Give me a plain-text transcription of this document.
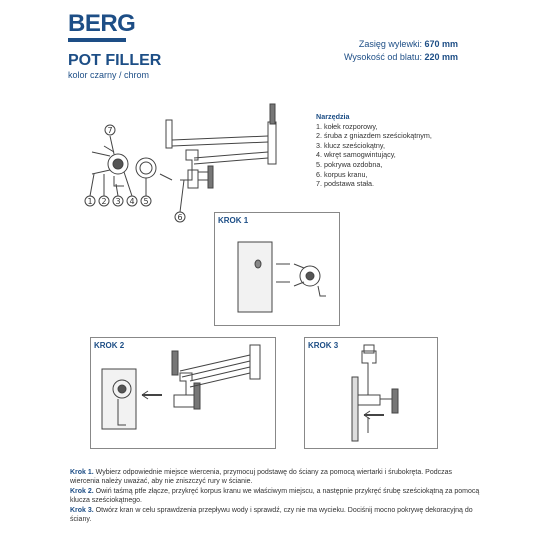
BERG
POT FILLER
kolor czarny / chrom
Zasięg wylewki: 670 mm
Wysokość od blatu: 220 mm
1 2 3 4 5
6
7
Narzędzia
1. kołek rozporowy,
2. śruba z gniazdem sześciokątnym,
3. klucz sześciokątny,
4. wkręt samogwintujący,
5. pokrywa ozdobna,
6. korpus kranu,
7. podstawa stała.
KROK 1
KROK 2	KROK 3
Krok 1. Wybierz odpowiednie miejsce wiercenia, przymocuj podstawę do ściany za pomocą wiertarki i śrubokręta. Podczas wiercenia należy uważać, aby nie zniszczyć rury w ścianie.
Krok 2. Owiń taśmą ptfe złącze, przykręć korpus kranu we właściwym miejscu, a następnie przykręć śrubę sześciokątną za pomocą klucza sześciokątnego.
Krok 3. Otwórz kran w celu sprawdzenia przepływu wody i sprawdź, czy nie ma wycieku. Dociśnij mocno pokrywę dekoracyjną do ściany.
